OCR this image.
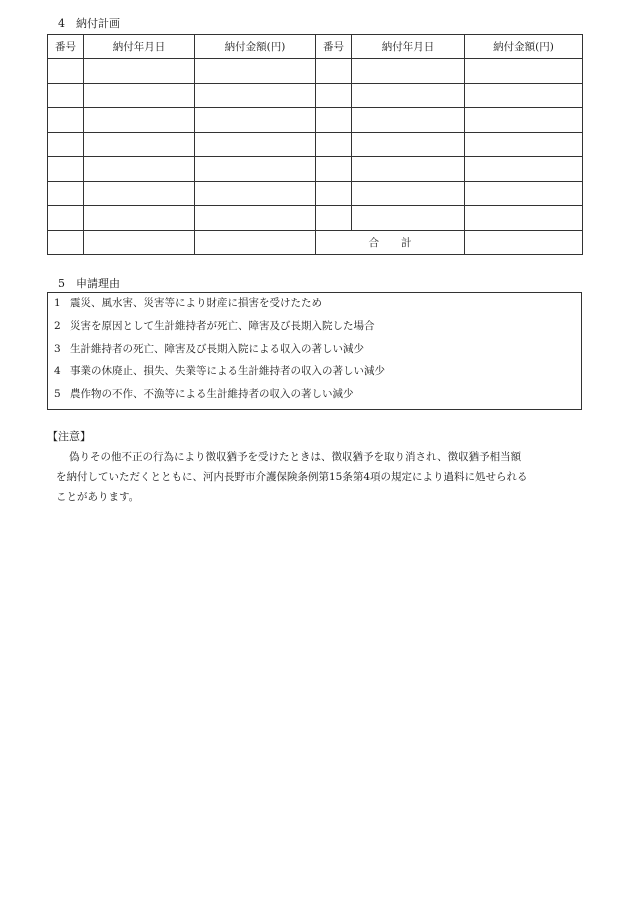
4　納付計画
番号	納付年月日	納付金額(円)	番号	納付年月日	納付金額(円)

			合 計		
5　申請理由
1 震災、風水害、災害等により財産に損害を受けたため
2 災害を原因として生計維持者が死亡、障害及び長期入院した場合
3 生計維持者の死亡、障害及び長期入院による収入の著しい減少
4 事業の休廃止、損失、失業等による生計維持者の収入の著しい減少
5 農作物の不作、不漁等による生計維持者の収入の著しい減少
【注意】
偽りその他不正の行為により徴収猶予を受けたときは、徴収猶予を取り消され、徴収猶予相当額
を納付していただくとともに、河内長野市介護保険条例第15条第4項の規定により過料に処せられる
ことがあります。
